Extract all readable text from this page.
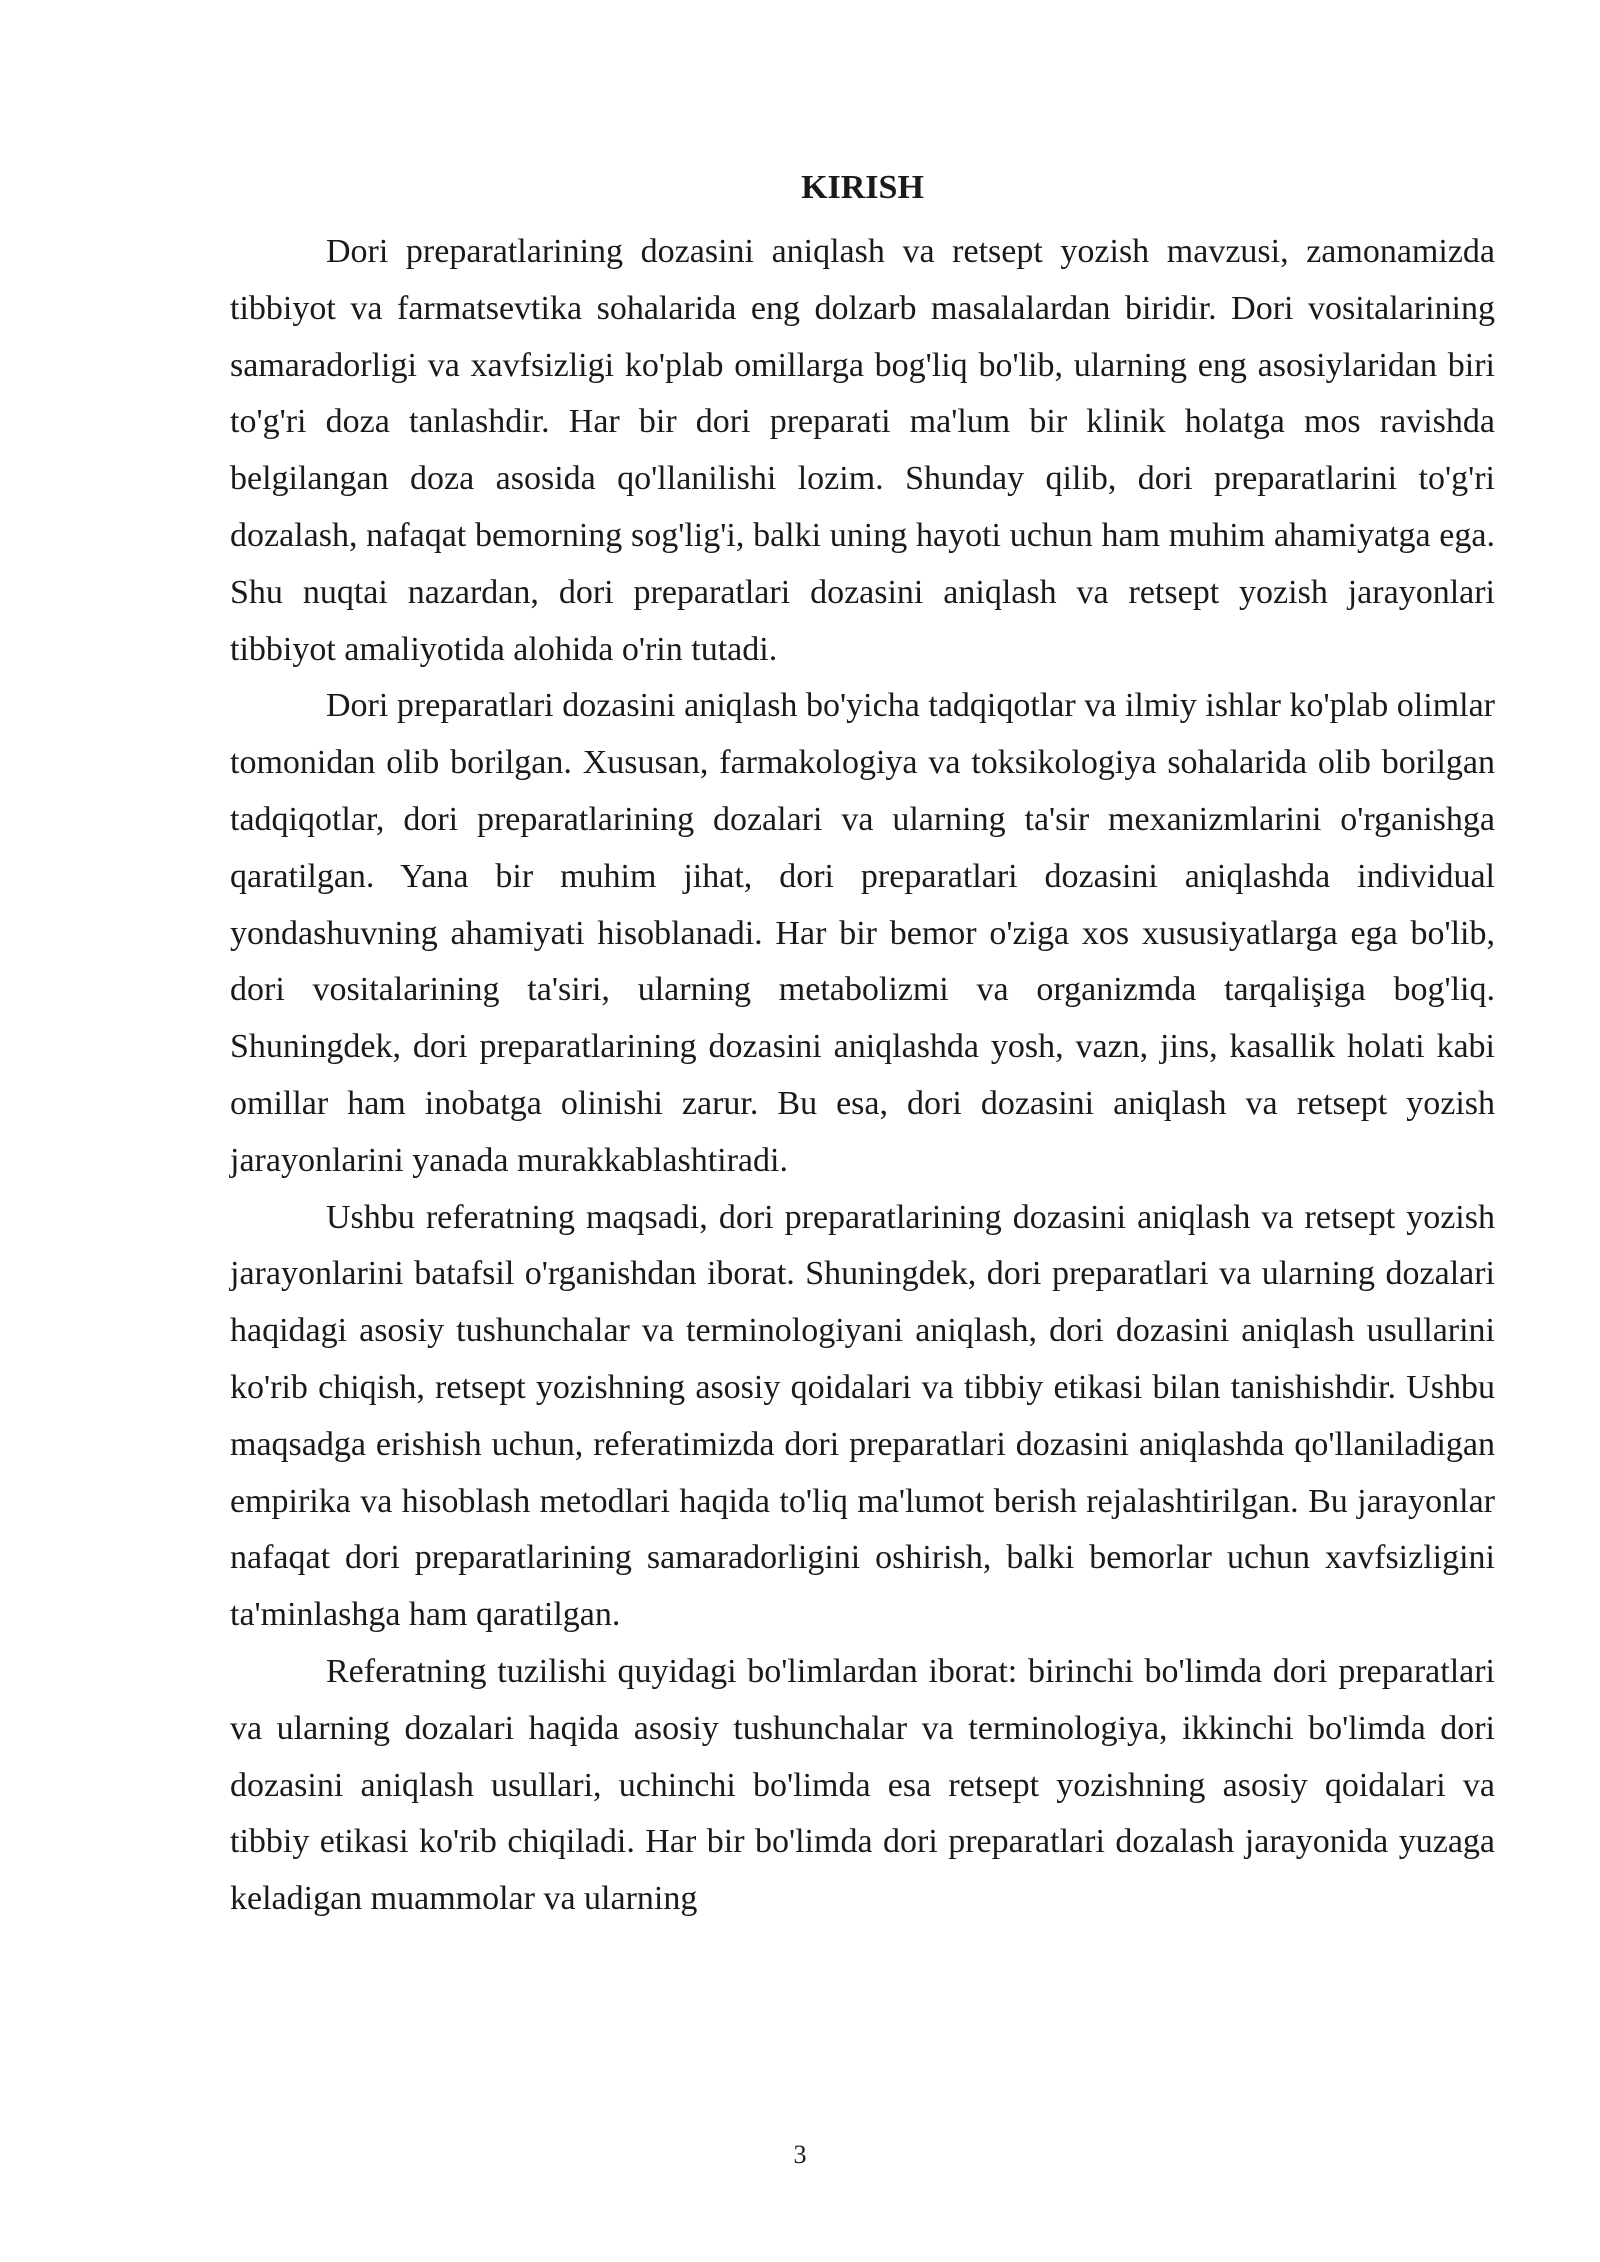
KIRISH

Dori preparatlarining dozasini aniqlash va retsept yozish mavzusi, zamonamizda tibbiyot va farmatsevtika sohalarida eng dolzarb masalalardan biridir. Dori vositalarining samaradorligi va xavfsizligi ko'plab omillarga bog'liq bo'lib, ularning eng asosiylaridan biri to'g'ri doza tanlashdir. Har bir dori preparati ma'lum bir klinik holatga mos ravishda belgilangan doza asosida qo'llanilishi lozim. Shunday qilib, dori preparatlarini to'g'ri dozalash, nafaqat bemorning sog'lig'i, balki uning hayoti uchun ham muhim ahamiyatga ega. Shu nuqtai nazardan, dori preparatlari dozasini aniqlash va retsept yozish jarayonlari tibbiyot amaliyotida alohida o'rin tutadi.

Dori preparatlari dozasini aniqlash bo'yicha tadqiqotlar va ilmiy ishlar ko'plab olimlar tomonidan olib borilgan. Xususan, farmakologiya va toksikologiya sohalarida olib borilgan tadqiqotlar, dori preparatlarining dozalari va ularning ta'sir mexanizmlarini o'rganishga qaratilgan. Yana bir muhim jihat, dori preparatlari dozasini aniqlashda individual yondashuvning ahamiyati hisoblanadi. Har bir bemor o'ziga xos xususiyatlarga ega bo'lib, dori vositalarining ta'siri, ularning metabolizmi va organizmda tarqalişiga bog'liq. Shuningdek, dori preparatlarining dozasini aniqlashda yosh, vazn, jins, kasallik holati kabi omillar ham inobatga olinishi zarur. Bu esa, dori dozasini aniqlash va retsept yozish jarayonlarini yanada murakkablashtiradi.

Ushbu referatning maqsadi, dori preparatlarining dozasini aniqlash va retsept yozish jarayonlarini batafsil o'rganishdan iborat. Shuningdek, dori preparatlari va ularning dozalari haqidagi asosiy tushunchalar va terminologiyani aniqlash, dori dozasini aniqlash usullarini ko'rib chiqish, retsept yozishning asosiy qoidalari va tibbiy etikasi bilan tanishishdir. Ushbu maqsadga erishish uchun, referatimizda dori preparatlari dozasini aniqlashda qo'llaniladigan empirika va hisoblash metodlari haqida to'liq ma'lumot berish rejalashtirilgan. Bu jarayonlar nafaqat dori preparatlarining samaradorligini oshirish, balki bemorlar uchun xavfsizligini ta'minlashga ham qaratilgan.

Referatning tuzilishi quyidagi bo'limlardan iborat: birinchi bo'limda dori preparatlari va ularning dozalari haqida asosiy tushunchalar va terminologiya, ikkinchi bo'limda dori dozasini aniqlash usullari, uchinchi bo'limda esa retsept yozishning asosiy qoidalari va tibbiy etikasi ko'rib chiqiladi. Har bir bo'limda dori preparatlari dozalash jarayonida yuzaga keladigan muammolar va ularning

3
